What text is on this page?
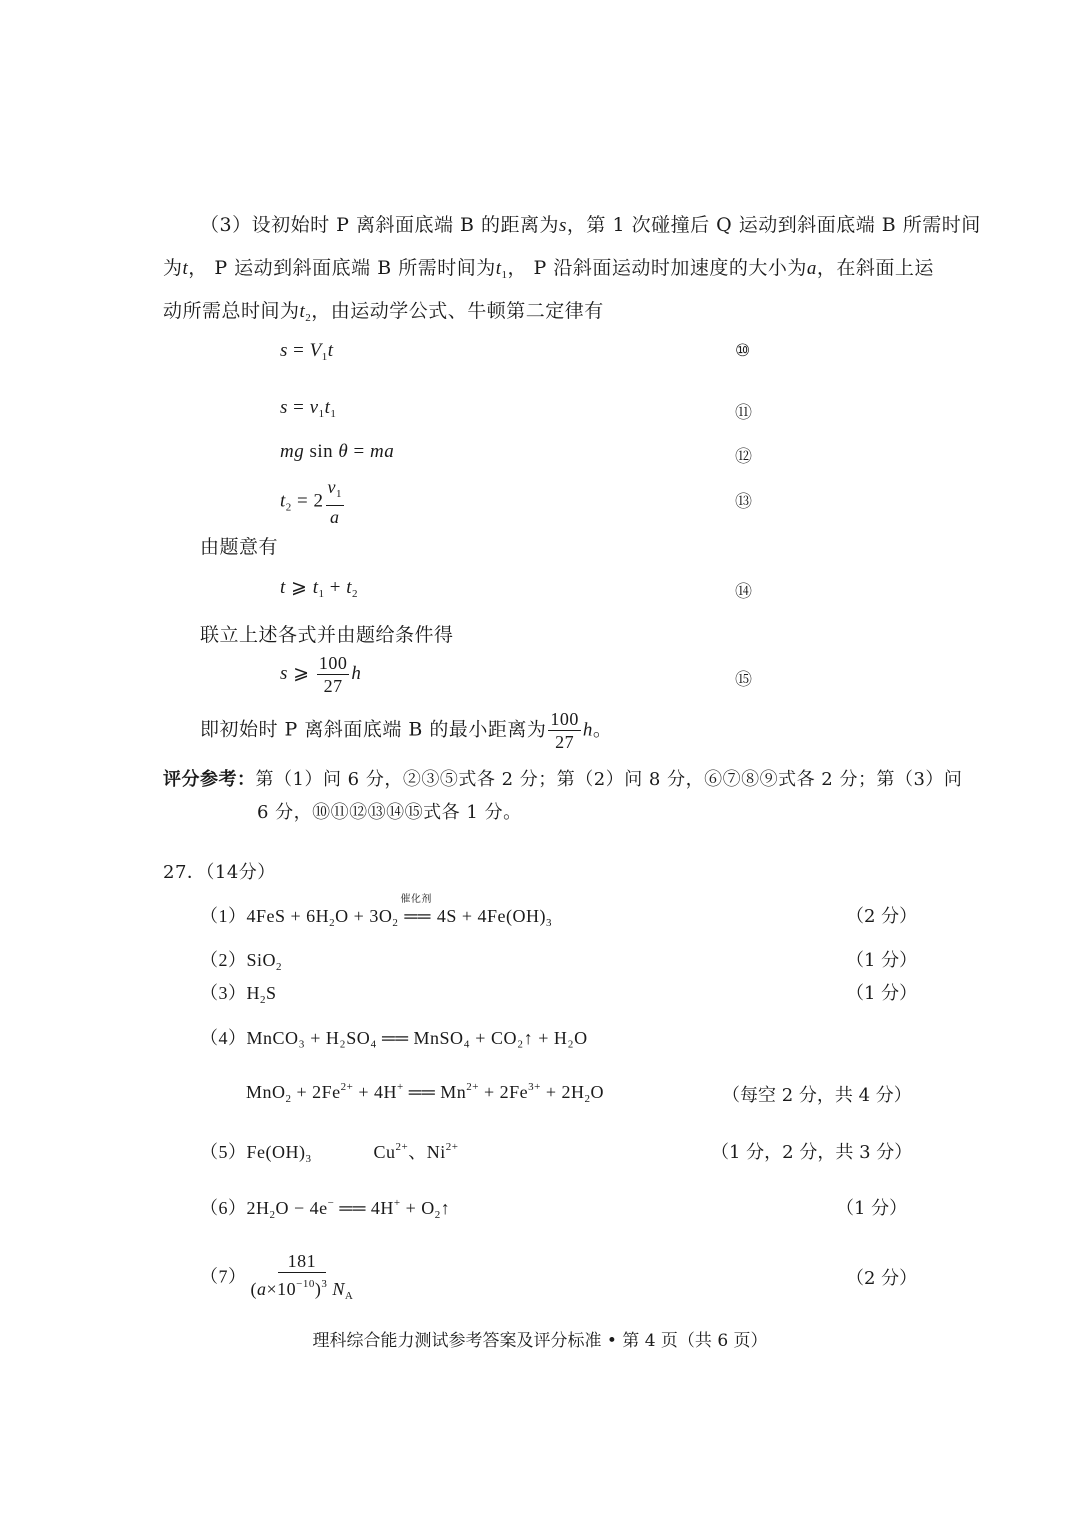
（3）设初始时 P 离斜面底端 B 的距离为s，第 1 次碰撞后 Q 运动到斜面底端 B 所需时间
为t， P 运动到斜面底端 B 所需时间为$t_1$， P 沿斜面运动时加速度的大小为a，在斜面上运
动所需总时间为$t_2$，由运动学公式、牛顿第二定律有
$s = V_1t$	⑩
$s = v_1t_1$	⑪
mg sin θ = ma	⑫
$t_2 = 2 \frac{v_1}{a}$	⑬
由题意有
t ⩾ $t_1 + t_2$	⑭
联立上述各式并由题给条件得
s ⩾ $\frac{100}{27}$ h	⑮
即初始时 P 离斜面底端 B 的最小距离为 $\frac{100}{27}$ h。
评分参考：第（1）问 6 分，②③⑤式各 2 分；第（2）问 8 分，⑥⑦⑧⑨式各 2 分；第（3）问
6 分，⑩⑪⑫⑬⑭⑮式各 1 分。
27．（14分）
$(1)4FeS + 6H_2O + 3O_2$
催化剂
══ $4S + 4Fe(OH)_3$	（2 分）
（2）SiO$_2$	（1 分）
$(3)H_2S$	（1 分）
（4）MnCO₃ + H₂SO₄ ══ MnSO₄ + CO₂↑ + H₂O
$MnO_2 + 2Fe^{2+} + 4H^+$ ══ $Mn^{2+} + 2Fe^{3+} + 2H_2O$	（每空 2 分，共 4 分）
$(5)Fe(OH)_3$	$Cu^{2+}$、$Ni^{2+}$	（1 分，2 分，共 3 分）
$(6)2H_2O - 4e^-$ ══ $4H^+ + O_2↑$	（1 分）
$(7) \frac{181}{(a\times 10^{-10})^3 N_A}$	（2 分）
理科综合能力测试参考答案及评分标准 • 第 4 页（共 6 页）
